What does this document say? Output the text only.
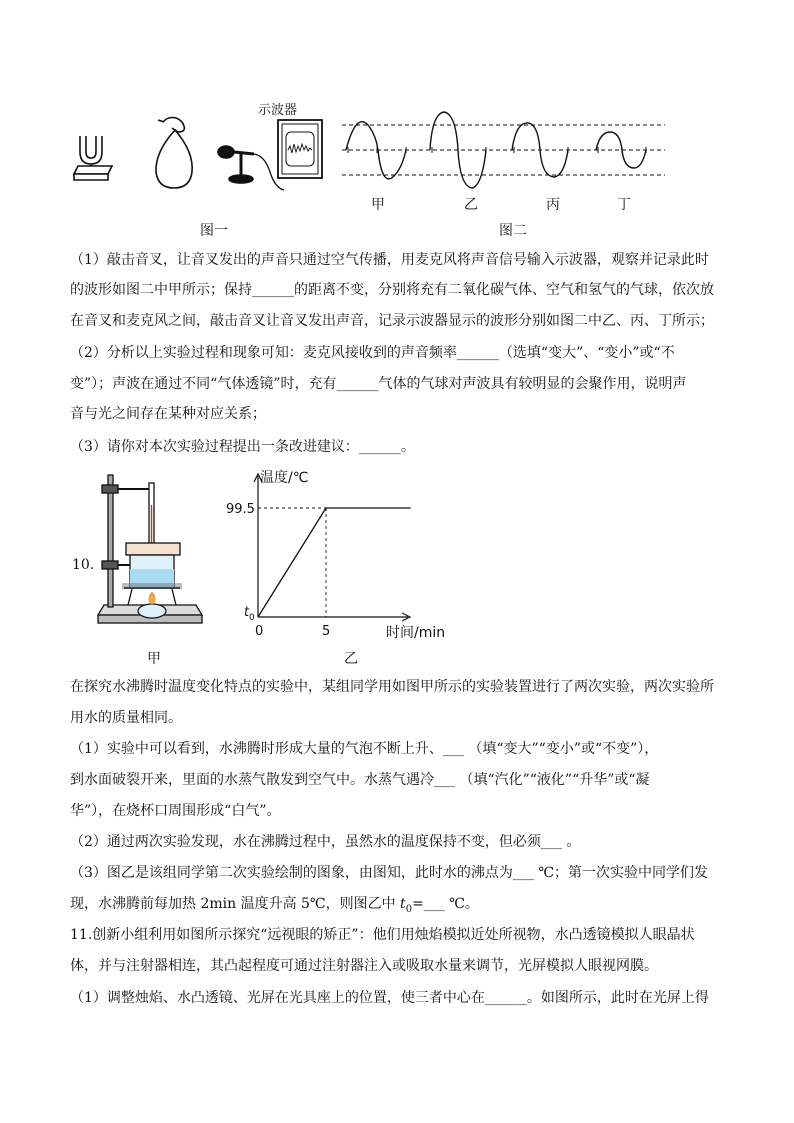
示波器
图一
甲	乙	丙	丁
图二
（1）敲击音叉，让音叉发出的声音只通过空气传播，用麦克风将声音信号输入示波器，观察并记录此时
的波形如图二中甲所示；保持______的距离不变，分别将充有二氧化碳气体、空气和氢气的气球，依次放
在音叉和麦克风之间，敲击音叉让音叉发出声音，记录示波器显示的波形分别如图二中乙、丙、丁所示；
（2）分析以上实验过程和现象可知：麦克风接收到的声音频率______（选填“变大”、“变小”或“不
变”）；声波在通过不同“气体透镜”时，充有______气体的气球对声波具有较明显的会聚作用，说明声
音与光之间存在某种对应关系；
（3）请你对本次实验过程提出一条改进建议：______。
10.
甲
温度/℃
时间/min
99.5
0	5
t 0
乙
在探究水沸腾时温度变化特点的实验中，某组同学用如图甲所示的实验装置进行了两次实验，两次实验所
用水的质量相同。
（1）实验中可以看到，水沸腾时形成大量的气泡不断上升、___ （填“变大”“变小”或“不变”），
到水面破裂开来，里面的水蒸气散发到空气中。水蒸气遇冷___ （填“汽化”“液化”“升华”或“凝
华”），在烧杯口周围形成“白气”。
（2）通过两次实验发现，水在沸腾过程中，虽然水的温度保持不变，但必须___ 。
（3）图乙是该组同学第二次实验绘制的图象，由图知，此时水的沸点为___ ℃；第一次实验中同学们发
现，水沸腾前每加热 2min 温度升高 5℃，则图乙中 $t_0=\_\_\_$ ℃。
11.创新小组利用如图所示探究“远视眼的矫正”：他们用烛焰模拟近处所视物，水凸透镜模拟人眼晶状
体，并与注射器相连，其凸起程度可通过注射器注入或吸取水量来调节，光屏模拟人眼视网膜。
（1）调整烛焰、水凸透镜、光屏在光具座上的位置，使三者中心在______。如图所示，此时在光屏上得
